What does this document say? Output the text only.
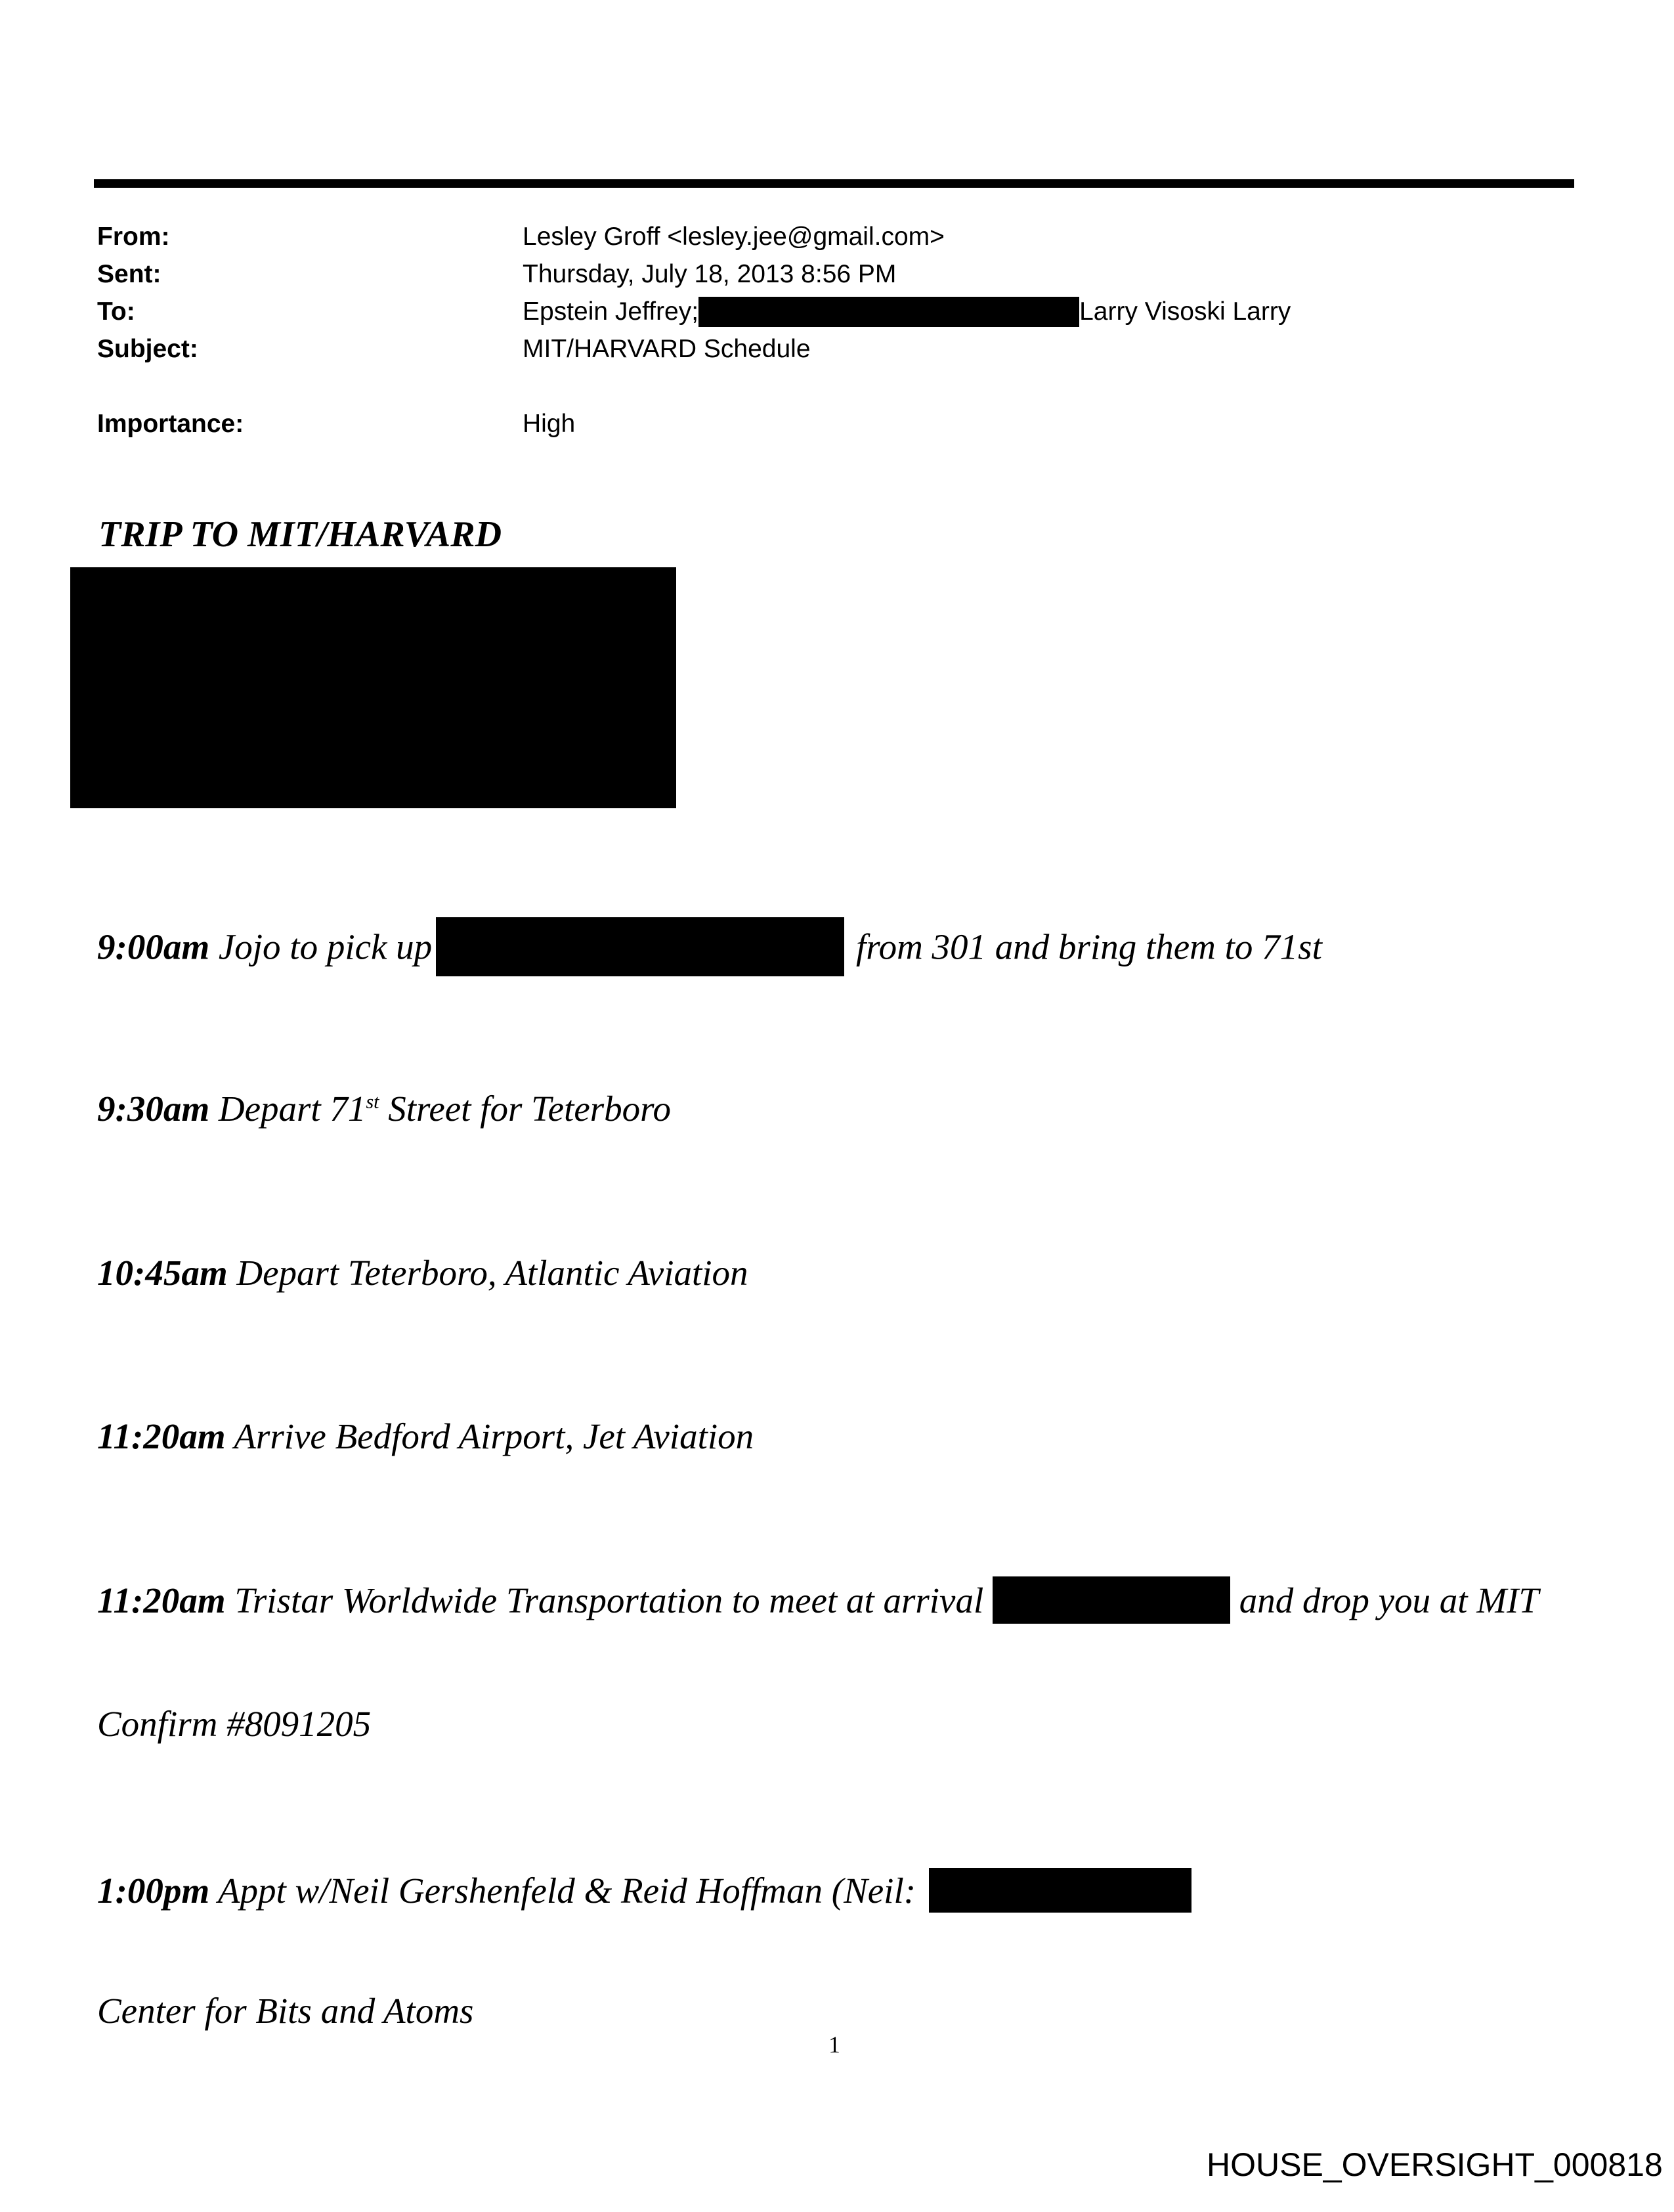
From:	Lesley Groff <lesley.jee@gmail.com>
Sent:	Thursday, July 18, 2013 8:56 PM
To:	Epstein Jeffrey;	Larry Visoski Larry
Subject:	MIT/HARVARD Schedule
Importance:	High
TRIP TO MIT/HARVARD
9:00am Jojo to pick up	from 301 and bring them to 71st
9:30am Depart 71st Street for Teterboro
10:45am Depart Teterboro, Atlantic Aviation
11:20am Arrive Bedford Airport, Jet Aviation
11:20am Tristar Worldwide Transportation to meet at arrival	and drop you at MIT
Confirm #8091205
1:00pm Appt w/Neil Gershenfeld & Reid Hoffman (Neil:
Center for Bits and Atoms
1
HOUSE_OVERSIGHT_000818
